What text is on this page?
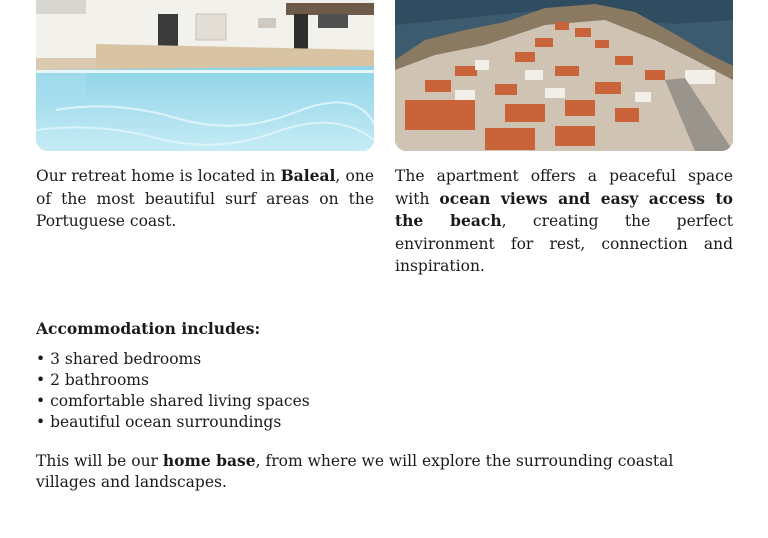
Our retreat home is located in Baleal, one of the most beautiful surf areas on the Portuguese coast.

The apartment offers a peaceful space with ocean views and easy access to the beach, creating the perfect environment for rest, connection and inspiration.

Accommodation includes:

• 3 shared bedrooms
• 2 bathrooms
• comfortable shared living spaces
• beautiful ocean surroundings

This will be our home base, from where we will explore the surrounding coastal villages and landscapes.
